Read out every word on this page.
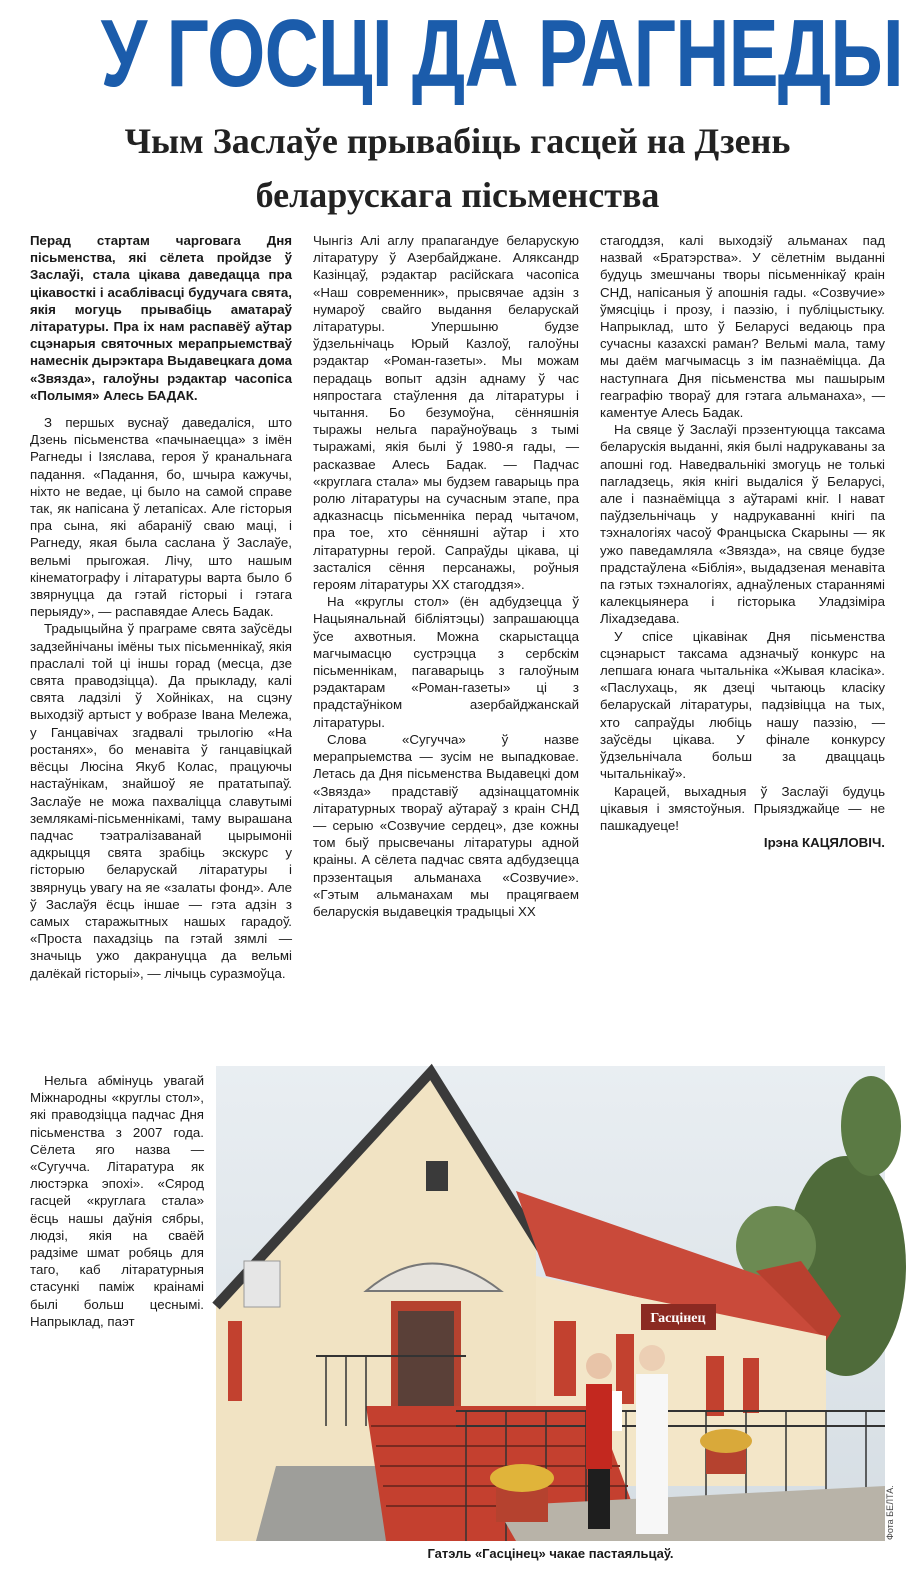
У ГОСЦІ ДА РАГНЕДЫ
Чым Заслаўе прывабіць гасцей на Дзень беларускага пісьменства

Перад стартам чарговага Дня пісьменства, які сёлета пройдзе ў Заслаўі, стала цікава даведацца пра цікавосткі і асаблівасці будучага свята, якія могуць прывабіць аматараў літаратуры. Пра іх нам распавёў аўтар сцэнарыя святочных мерапрыемстваў намеснік дырэктара Выдавецкага дома «Звязда», галоўны рэдактар часопіса «Полымя» Алесь БАДАК.

З першых вуснаў даведаліся, што Дзень пісьменства «пачынаецца» з імён Рагнеды і Ізяслава, героя ў кранальнага падання. «Падання, бо, шчыра кажучы, ніхто не ведае, ці было на самой справе так, як напісана ў летапісах. Але гісторыя пра сына, які абараніў сваю маці, і Рагнеду, якая была саслана ў Заслаўе, вельмі прыгожая. Лічу, што нашым кінематографу і літаратуры варта было б звярнуцца да гэтай гісторыі і гэтага перыяду», — распавядае Алесь Бадак.

Традыцыйна ў праграме свята заўсёды задзейнічаны імёны тых пісьменнікаў, якія праслалі той ці іншы горад (месца, дзе свята праводзіцца). Да прыкладу, калі свята ладзілі ў Хойніках, на сцэну выходзіў артыст у вобразе Івана Мележа, у Ганцавічах згадвалі трылогію «На ростанях», бо менавіта ў ганцавіцкай вёсцы Люсіна Якуб Колас, працуючы настаўнікам, знайшоў яе прататыпаў. Заслаўе не можа пахваліцца славутымі землякамі-пісьменнікамі, таму вырашана падчас тэатралізаванай цырымоніі адкрыцця свята зрабіць экскурс у гісторыю беларускай літаратуры і звярнуць увагу на яе «залаты фонд». Але ў Заслаўя ёсць іншае — гэта адзін з самых старажытных нашых гарадоў. «Проста пахадзіць па гэтай зямлі — значыць ужо дакрануцца да вельмі далёкай гісторыі», — лічыць суразмоўца.

Нельга абмінуць увагай Міжнародны «круглы стол», які праводзіцца падчас Дня пісьменства з 2007 года. Сёлета яго назва — «Сугучча. Літаратура як люстэрка эпохі». «Сярод гасцей «круглага стала» ёсць нашы даўнія сябры, людзі, якія на сваёй радзіме шмат робяць для таго, каб літаратурныя стасункі паміж краінамі былі больш цеснымі. Напрыклад, паэт

Чынгіз Алі аглу прапагандуе беларускую літаратуру ў Азербайджане. Аляксандр Казінцаў, рэдактар расійскага часопіса «Наш современник», прысвячае адзін з нумароў свайго выдання беларускай літаратуры. Упершыню будзе ўдзельнічаць Юрый Казлоў, галоўны рэдактар «Роман-газеты». Мы можам перадаць вопыт адзін аднаму ў час няпростага стаўлення да літаратуры і чытання. Бо безумоўна, сённяшнія тыражы нельга параўноўваць з тымі тыражамі, якія былі ў 1980-я гады, — расказвае Алесь Бадак. — Падчас «круглага стала» мы будзем гаварыць пра ролю літаратуры на сучасным этапе, пра адказнасць пісьменніка перад чытачом, пра тое, хто сённяшні аўтар і хто літаратурны герой. Сапраўды цікава, ці засталіся сёння персанажы, роўныя героям літаратуры XX стагоддзя».

На «круглы стол» (ён адбудзецца ў Нацыянальнай бібліятэцы) запрашаюцца ўсе ахвотныя. Можна скарыстацца магчымасцю сустрэцца з сербскім пісьменнікам, пагаварыць з галоўным рэдактарам «Роман-газеты» ці з прадстаўніком азербайджанскай літаратуры.

Слова «Сугучча» ў назве мерапрыемства — зусім не выпадковае. Летась да Дня пісьменства Выдавецкі дом «Звязда» прадставіў адзінаццатомнік літаратурных твораў аўтараў з краін СНД — серыю «Созвучие сердец», дзе кожны том быў прысвечаны літаратуры адной краіны. А сёлета падчас свята адбудзецца прэзентацыя альманаха «Созвучие». «Гэтым альманахам мы працягваем беларускія выдавецкія традыцыі XX

стагоддзя, калі выходзіў альманах пад назвай «Братэрства». У сёлетнім выданні будуць змешчаны творы пісьменнікаў краін СНД, напісаныя ў апошнія гады. «Созвучие» ўмясціць і прозу, і паэзію, і публіцыстыку. Напрыклад, што ў Беларусі ведаюць пра сучасны казахскі раман? Вельмі мала, таму мы даём магчымасць з ім пазнаёміцца. Да наступнага Дня пісьменства мы пашырым геаграфію твораў для гэтага альманаха», — каментуе Алесь Бадак.

На свяце ў Заслаўі прэзентуюцца таксама беларускія выданні, якія былі надрукаваны за апошні год. Наведвальнікі змогуць не толькі пагладзець, якія кнігі выдаліся ў Беларусі, але і пазнаёміцца з аўтарамі кніг. І нават паўдзельнічаць у надрукаванні кнігі па тэхналогіях часоў Францыска Скарыны — як ужо паведамляла «Звязда», на свяце будзе прадстаўлена «Біблія», выдадзеная менавіта па гэтых тэхналогіях, аднаўленых стараннямі калекцыянера і гісторыка Уладзіміра Ліхадзедава.

У спісе цікавінак Дня пісьменства сцэнарыст таксама адзначыў конкурс на лепшага юнага чытальніка «Жывая класіка». «Паслухаць, як дзеці чытаюць класіку беларускай літаратуры, падзівіцца на тых, хто сапраўды любіць нашу паэзію, — заўсёды цікава. У фінале конкурсу ўдзельнічала больш за дваццаць чытальнікаў».

Карацей, выхадныя ў Заслаўі будуць цікавыя і змястоўныя. Прыязджайце — не пашкадуеце!

Ірэна КАЦЯЛОВІЧ.

Гасцінец
Фота БЕЛТА.
Гатэль «Гасцінец» чакае пастаяльцаў.
